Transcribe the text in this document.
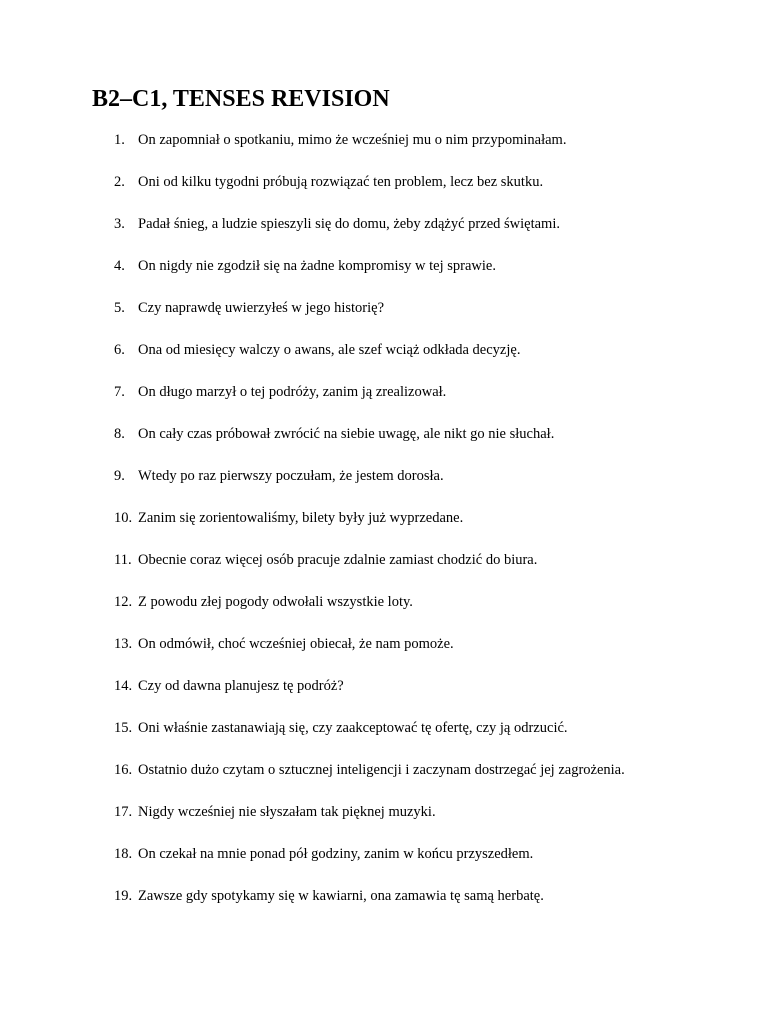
B2–C1, TENSES REVISION
1. On zapomniał o spotkaniu, mimo że wcześniej mu o nim przypominałam.
2. Oni od kilku tygodni próbują rozwiązać ten problem, lecz bez skutku.
3. Padał śnieg, a ludzie spieszyli się do domu, żeby zdążyć przed świętami.
4. On nigdy nie zgodził się na żadne kompromisy w tej sprawie.
5. Czy naprawdę uwierzyłeś w jego historię?
6. Ona od miesięcy walczy o awans, ale szef wciąż odkłada decyzję.
7. On długo marzył o tej podróży, zanim ją zrealizował.
8. On cały czas próbował zwrócić na siebie uwagę, ale nikt go nie słuchał.
9. Wtedy po raz pierwszy poczułam, że jestem dorosła.
10. Zanim się zorientowaliśmy, bilety były już wyprzedane.
11. Obecnie coraz więcej osób pracuje zdalnie zamiast chodzić do biura.
12. Z powodu złej pogody odwołali wszystkie loty.
13. On odmówił, choć wcześniej obiecał, że nam pomoże.
14. Czy od dawna planujesz tę podróż?
15. Oni właśnie zastanawiają się, czy zaakceptować tę ofertę, czy ją odrzucić.
16. Ostatnio dużo czytam o sztucznej inteligencji i zaczynam dostrzegać jej zagrożenia.
17. Nigdy wcześniej nie słyszałam tak pięknej muzyki.
18. On czekał na mnie ponad pół godziny, zanim w końcu przyszedłem.
19. Zawsze gdy spotykamy się w kawiarni, ona zamawia tę samą herbatę.
